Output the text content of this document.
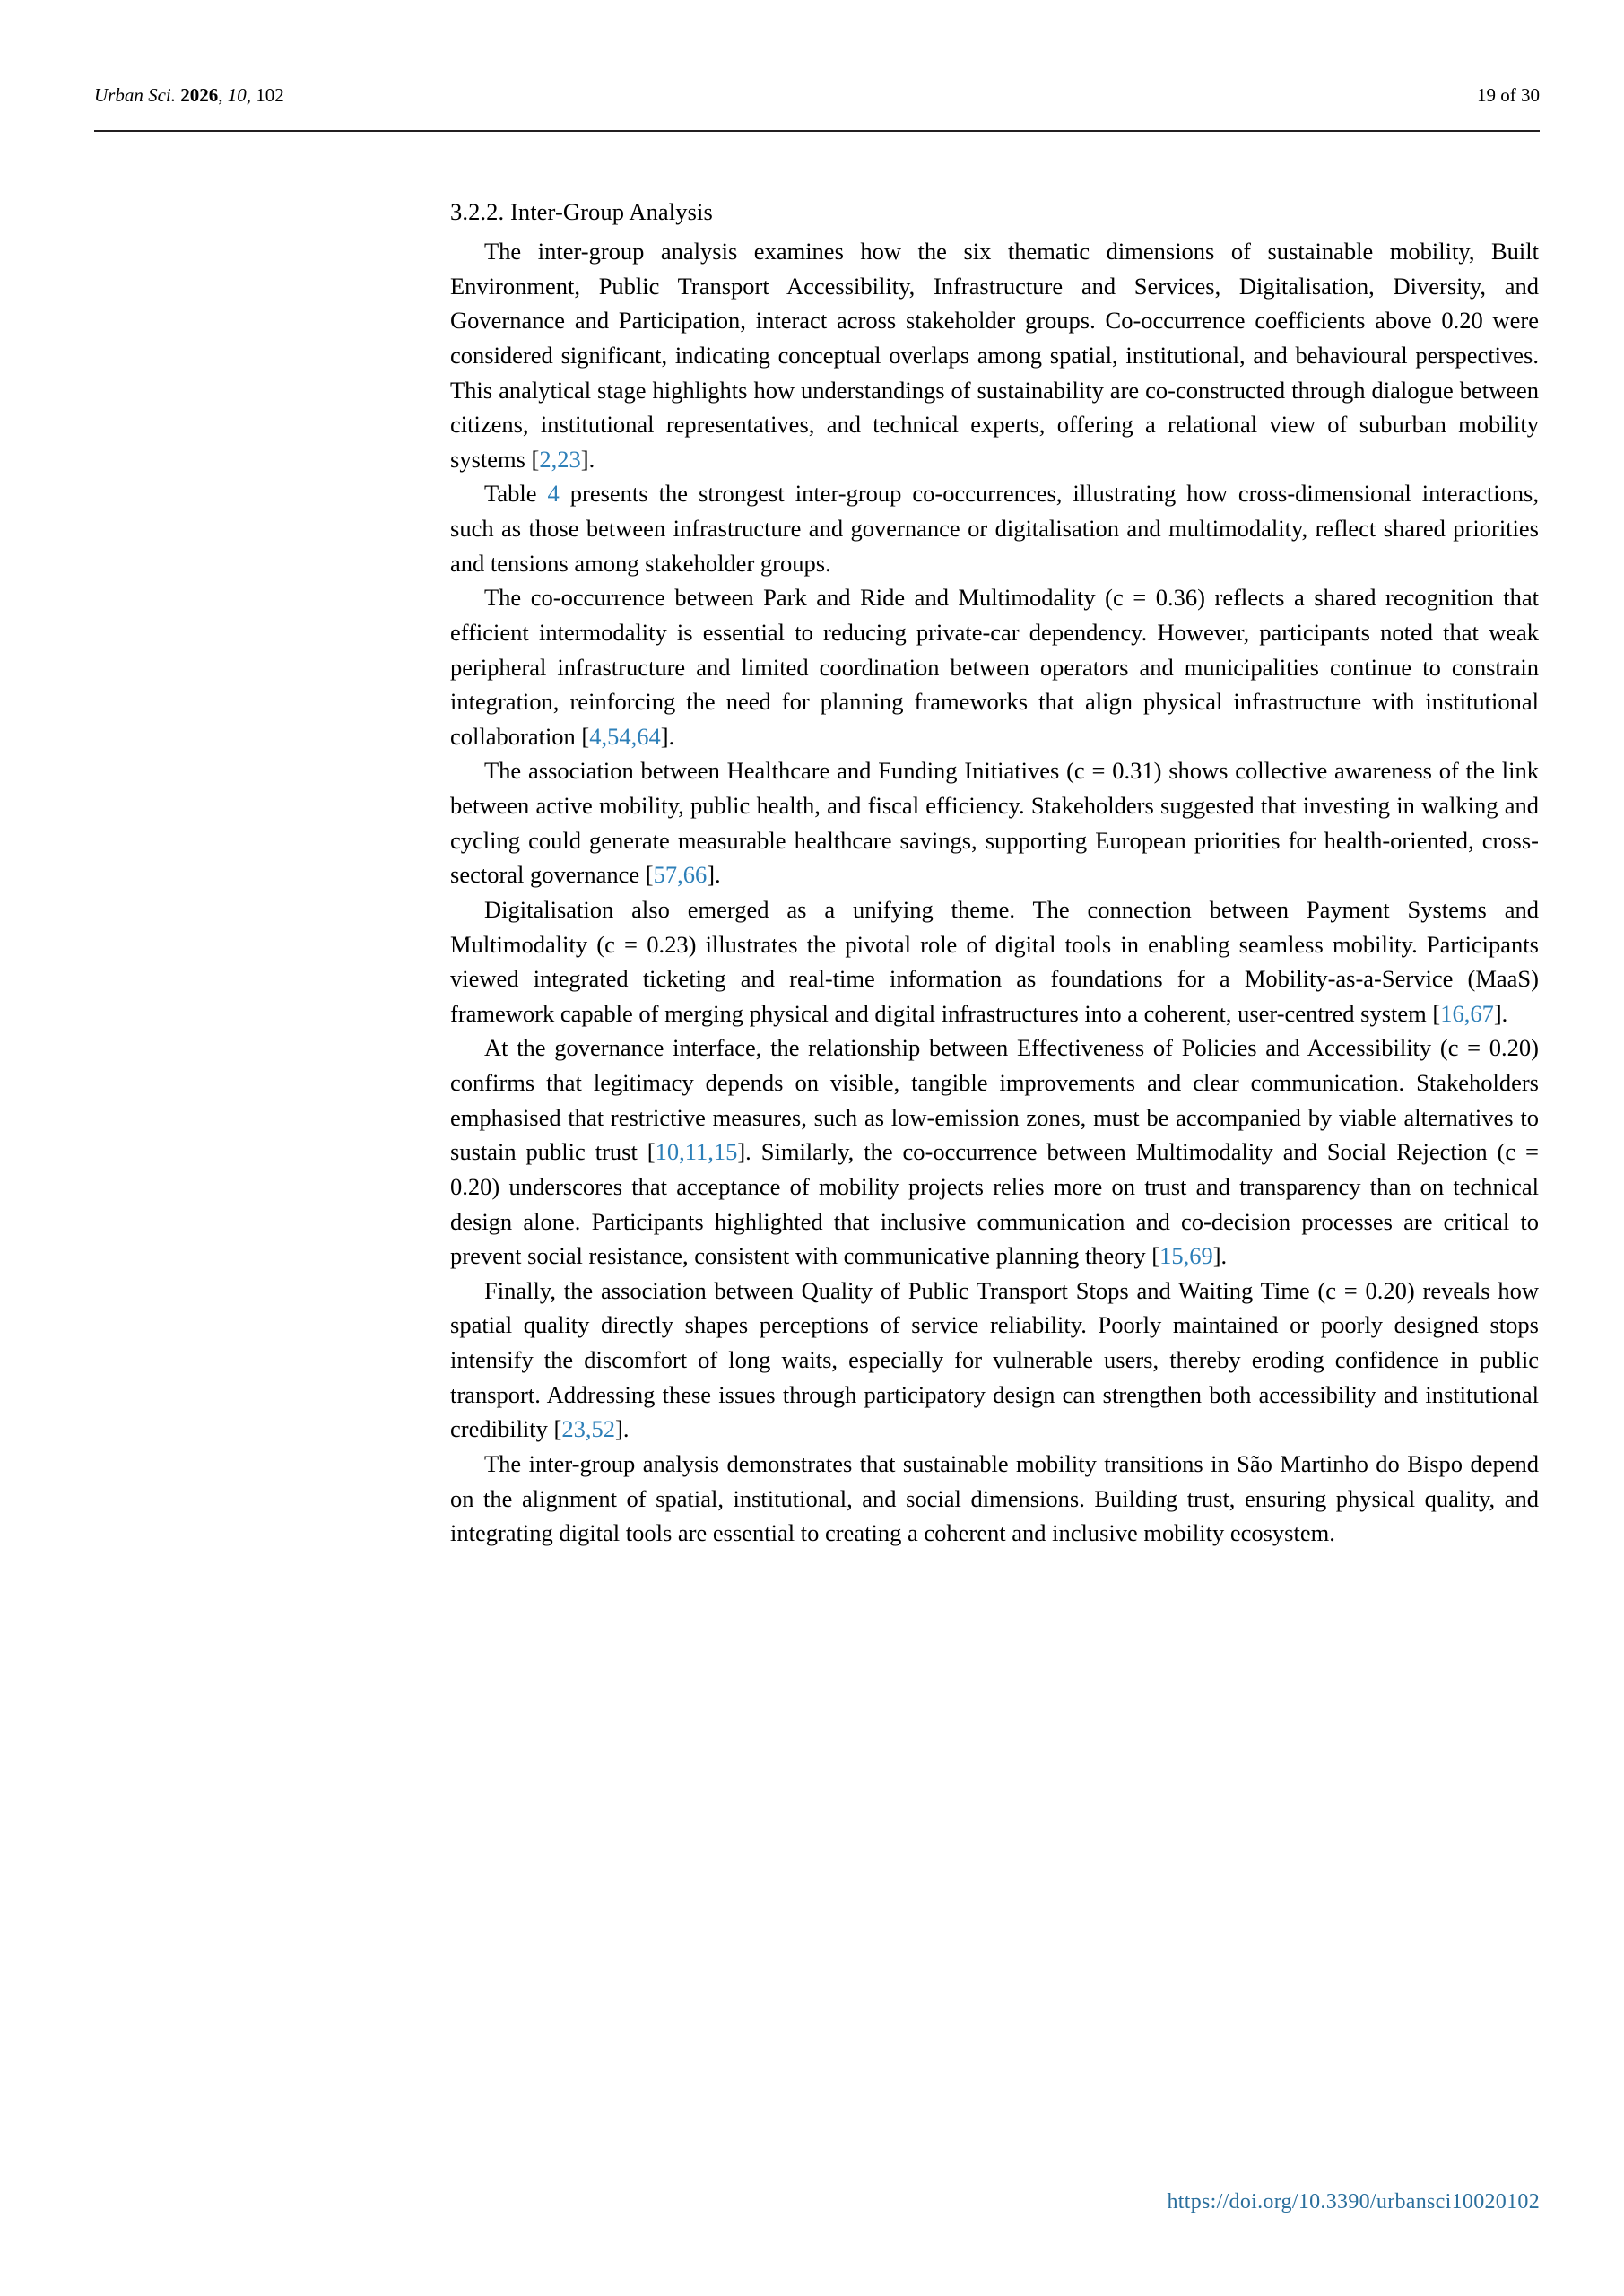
Urban Sci. 2026, 10, 102	19 of 30
3.2.2. Inter-Group Analysis

The inter-group analysis examines how the six thematic dimensions of sustainable mobility, Built Environment, Public Transport Accessibility, Infrastructure and Services, Digitalisation, Diversity, and Governance and Participation, interact across stakeholder groups. Co-occurrence coefficients above 0.20 were considered significant, indicating conceptual overlaps among spatial, institutional, and behavioural perspectives. This analytical stage highlights how understandings of sustainability are co-constructed through dialogue between citizens, institutional representatives, and technical experts, offering a relational view of suburban mobility systems [2,23].

Table 4 presents the strongest inter-group co-occurrences, illustrating how cross-dimensional interactions, such as those between infrastructure and governance or digitalisation and multimodality, reflect shared priorities and tensions among stakeholder groups.

The co-occurrence between Park and Ride and Multimodality (c = 0.36) reflects a shared recognition that efficient intermodality is essential to reducing private-car dependency. However, participants noted that weak peripheral infrastructure and limited coordination between operators and municipalities continue to constrain integration, reinforcing the need for planning frameworks that align physical infrastructure with institutional collaboration [4,54,64].

The association between Healthcare and Funding Initiatives (c = 0.31) shows collective awareness of the link between active mobility, public health, and fiscal efficiency. Stakeholders suggested that investing in walking and cycling could generate measurable healthcare savings, supporting European priorities for health-oriented, cross-sectoral governance [57,66].

Digitalisation also emerged as a unifying theme. The connection between Payment Systems and Multimodality (c = 0.23) illustrates the pivotal role of digital tools in enabling seamless mobility. Participants viewed integrated ticketing and real-time information as foundations for a Mobility-as-a-Service (MaaS) framework capable of merging physical and digital infrastructures into a coherent, user-centred system [16,67].

At the governance interface, the relationship between Effectiveness of Policies and Accessibility (c = 0.20) confirms that legitimacy depends on visible, tangible improvements and clear communication. Stakeholders emphasised that restrictive measures, such as low-emission zones, must be accompanied by viable alternatives to sustain public trust [10,11,15]. Similarly, the co-occurrence between Multimodality and Social Rejection (c = 0.20) underscores that acceptance of mobility projects relies more on trust and transparency than on technical design alone. Participants highlighted that inclusive communication and co-decision processes are critical to prevent social resistance, consistent with communicative planning theory [15,69].

Finally, the association between Quality of Public Transport Stops and Waiting Time (c = 0.20) reveals how spatial quality directly shapes perceptions of service reliability. Poorly maintained or poorly designed stops intensify the discomfort of long waits, especially for vulnerable users, thereby eroding confidence in public transport. Addressing these issues through participatory design can strengthen both accessibility and institutional credibility [23,52].

The inter-group analysis demonstrates that sustainable mobility transitions in São Martinho do Bispo depend on the alignment of spatial, institutional, and social dimensions. Building trust, ensuring physical quality, and integrating digital tools are essential to creating a coherent and inclusive mobility ecosystem.

https://doi.org/10.3390/urbansci10020102
